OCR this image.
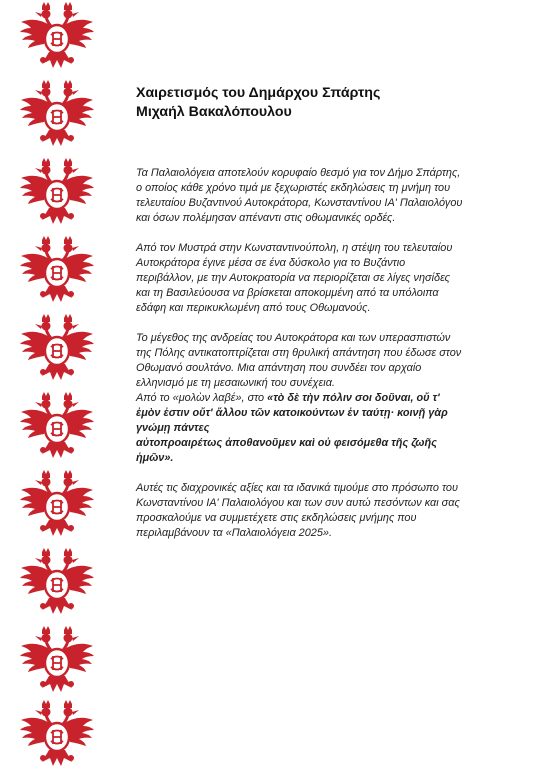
Χαιρετισμός του Δημάρχου Σπάρτης
Μιχαήλ Βακαλόπουλου

Τα Παλαιολόγεια αποτελούν κορυφαίο θεσμό για τον Δήμο Σπάρτης, ο οποίος κάθε χρόνο τιμά με ξεχωριστές εκδηλώσεις τη μνήμη του τελευταίου Βυζαντινού Αυτοκράτορα, Κωνσταντίνου ΙΑ' Παλαιολόγου και όσων πολέμησαν απέναντι στις οθωμανικές ορδές.

Από τον Μυστρά στην Κωνσταντινούπολη, η στέψη του τελευταίου Αυτοκράτορα έγινε μέσα σε ένα δύσκολο για το Βυζάντιο περιβάλλον, με την Αυτοκρατορία να περιορίζεται σε λίγες νησίδες και τη Βασιλεύουσα να βρίσκεται αποκομμένη από τα υπόλοιπα εδάφη και περικυκλωμένη από τους Οθωμανούς.

Το μέγεθος της ανδρείας του Αυτοκράτορα και των υπερασπιστών της Πόλης αντικατοπτρίζεται στη θρυλική απάντηση που έδωσε στον Οθωμανό σουλτάνο. Μια απάντηση που συνδέει τον αρχαίο ελληνισμό με τη μεσαιωνική του συνέχεια.

Από το «μολὼν λαβέ», στο «τὸ δὲ τὴν πόλιν σοι δοῦναι, οὔ τ' ἐμὸν ἐστιν οὔτ' ἄλλου τῶν κατοικούντων ἐν ταύτῃ· κοινῇ γὰρ γνώμῃ πάντες
αὐτοπροαιρέτως ἀποθανοῦμεν καὶ οὐ φεισόμεθα τῆς ζωῆς ἡμῶν».

Αυτές τις διαχρονικές αξίες και τα ιδανικά τιμούμε στο πρόσωπο του Κωνσταντίνου ΙΑ' Παλαιολόγου και των συν αυτώ πεσόντων και σας προσκαλούμε να συμμετέχετε στις εκδηλώσεις μνήμης που περιλαμβάνουν τα «Παλαιολόγεια 2025».
